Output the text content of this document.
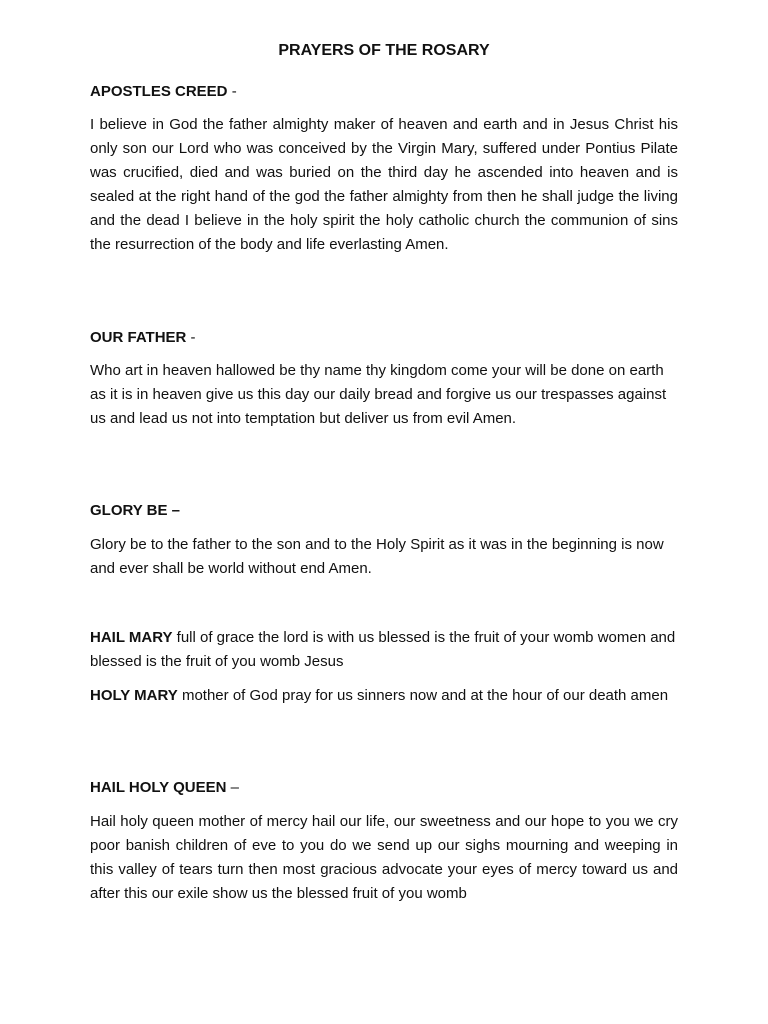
PRAYERS OF THE ROSARY
APOSTLES CREED -
I believe in God the father almighty maker of heaven and earth and in Jesus Christ his only son our Lord who was conceived by the Virgin Mary, suffered under Pontius Pilate was crucified, died and was buried on the third day he ascended into heaven and is sealed at the right hand of the god the father almighty from then he shall judge the living and the dead I believe in the holy spirit the holy catholic church the communion of sins the resurrection of the body and life everlasting Amen.
OUR FATHER -
Who art in heaven hallowed be thy name thy kingdom come your will be done on earth as it is in heaven give us this day our daily bread and forgive us our trespasses against us and lead us not into temptation but deliver us from evil Amen.
GLORY BE –
Glory be to the father to the son and to the Holy Spirit as it was in the beginning is now and ever shall be world without end Amen.
HAIL MARY full of grace the lord is with us blessed is the fruit of your womb women and blessed is the fruit of you womb Jesus
HOLY MARY mother of God pray for us sinners now and at the hour of our death amen
HAIL HOLY QUEEN –
Hail holy queen mother of mercy hail our life, our sweetness and our hope to you we cry poor banish children of eve to you do we send up our sighs mourning and weeping in this valley of tears turn then most gracious advocate your eyes of mercy toward us and after this our exile show us the blessed fruit of you womb
